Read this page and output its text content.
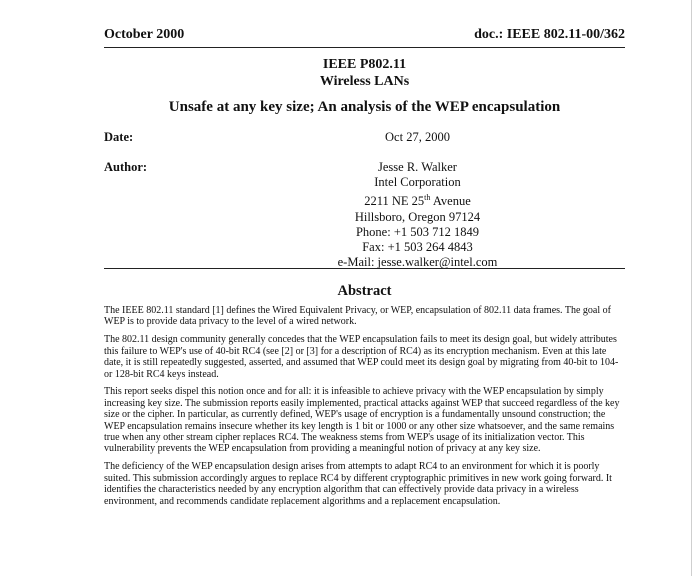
October 2000	doc.: IEEE 802.11-00/362
IEEE P802.11
Wireless LANs
Unsafe at any key size; An analysis of the WEP encapsulation
Date:	Oct 27, 2000
Author:	Jesse R. Walker
Intel Corporation
2211 NE 25th Avenue
Hillsboro, Oregon 97124
Phone: +1 503 712 1849
Fax: +1 503 264 4843
e-Mail: jesse.walker@intel.com
Abstract

The IEEE 802.11 standard [1] defines the Wired Equivalent Privacy, or WEP, encapsulation of 802.11 data frames. The goal of WEP is to provide data privacy to the level of a wired network.

The 802.11 design community generally concedes that the WEP encapsulation fails to meet its design goal, but widely attributes this failure to WEP's use of 40-bit RC4 (see [2] or [3] for a description of RC4) as its encryption mechanism. Even at this late date, it is still repeatedly suggested, asserted, and assumed that WEP could meet its design goal by migrating from 40-bit to 104- or 128-bit RC4 keys instead.

This report seeks dispel this notion once and for all: it is infeasible to achieve privacy with the WEP encapsulation by simply increasing key size. The submission reports easily implemented, practical attacks against WEP that succeed regardless of the key size or the cipher. In particular, as currently defined, WEP's usage of encryption is a fundamentally unsound construction; the WEP encapsulation remains insecure whether its key length is 1 bit or 1000 or any other size whatsoever, and the same remains true when any other stream cipher replaces RC4. The weakness stems from WEP's usage of its initialization vector. This vulnerability prevents the WEP encapsulation from providing a meaningful notion of privacy at any key size.

The deficiency of the WEP encapsulation design arises from attempts to adapt RC4 to an environment for which it is poorly suited. This submission accordingly argues to replace RC4 by different cryptographic primitives in new work going forward. It identifies the characteristics needed by any encryption algorithm that can effectively provide data privacy in a wireless environment, and recommends candidate replacement algorithms and a replacement encapsulation.
